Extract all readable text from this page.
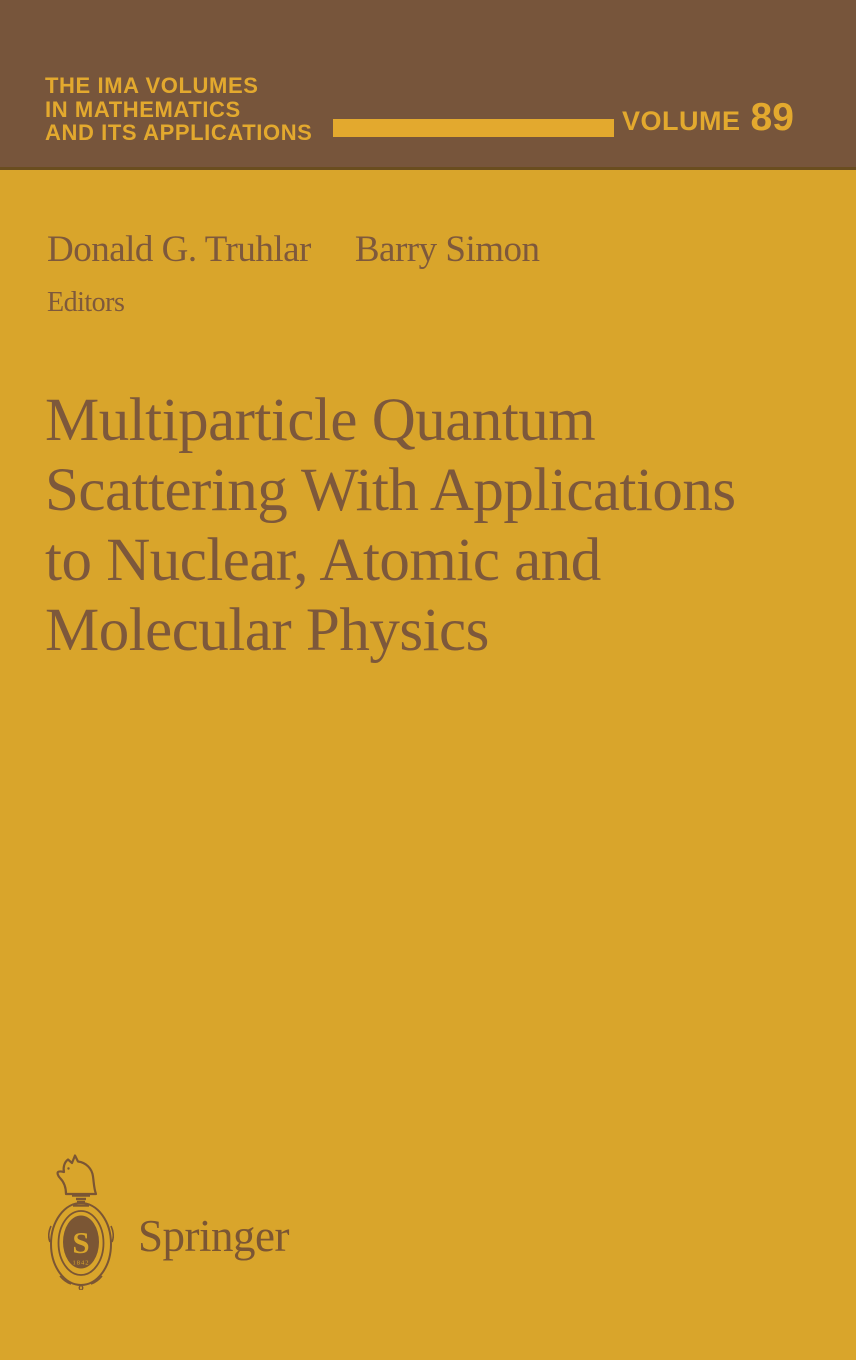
THE IMA VOLUMES
IN MATHEMATICS
AND ITS APPLICATIONS	VOLUME 89
Donald G. Truhlar Barry Simon
Editors
Multiparticle Quantum
Scattering With Applications
to Nuclear, Atomic and
Molecular Physics
S
1842
Springer
